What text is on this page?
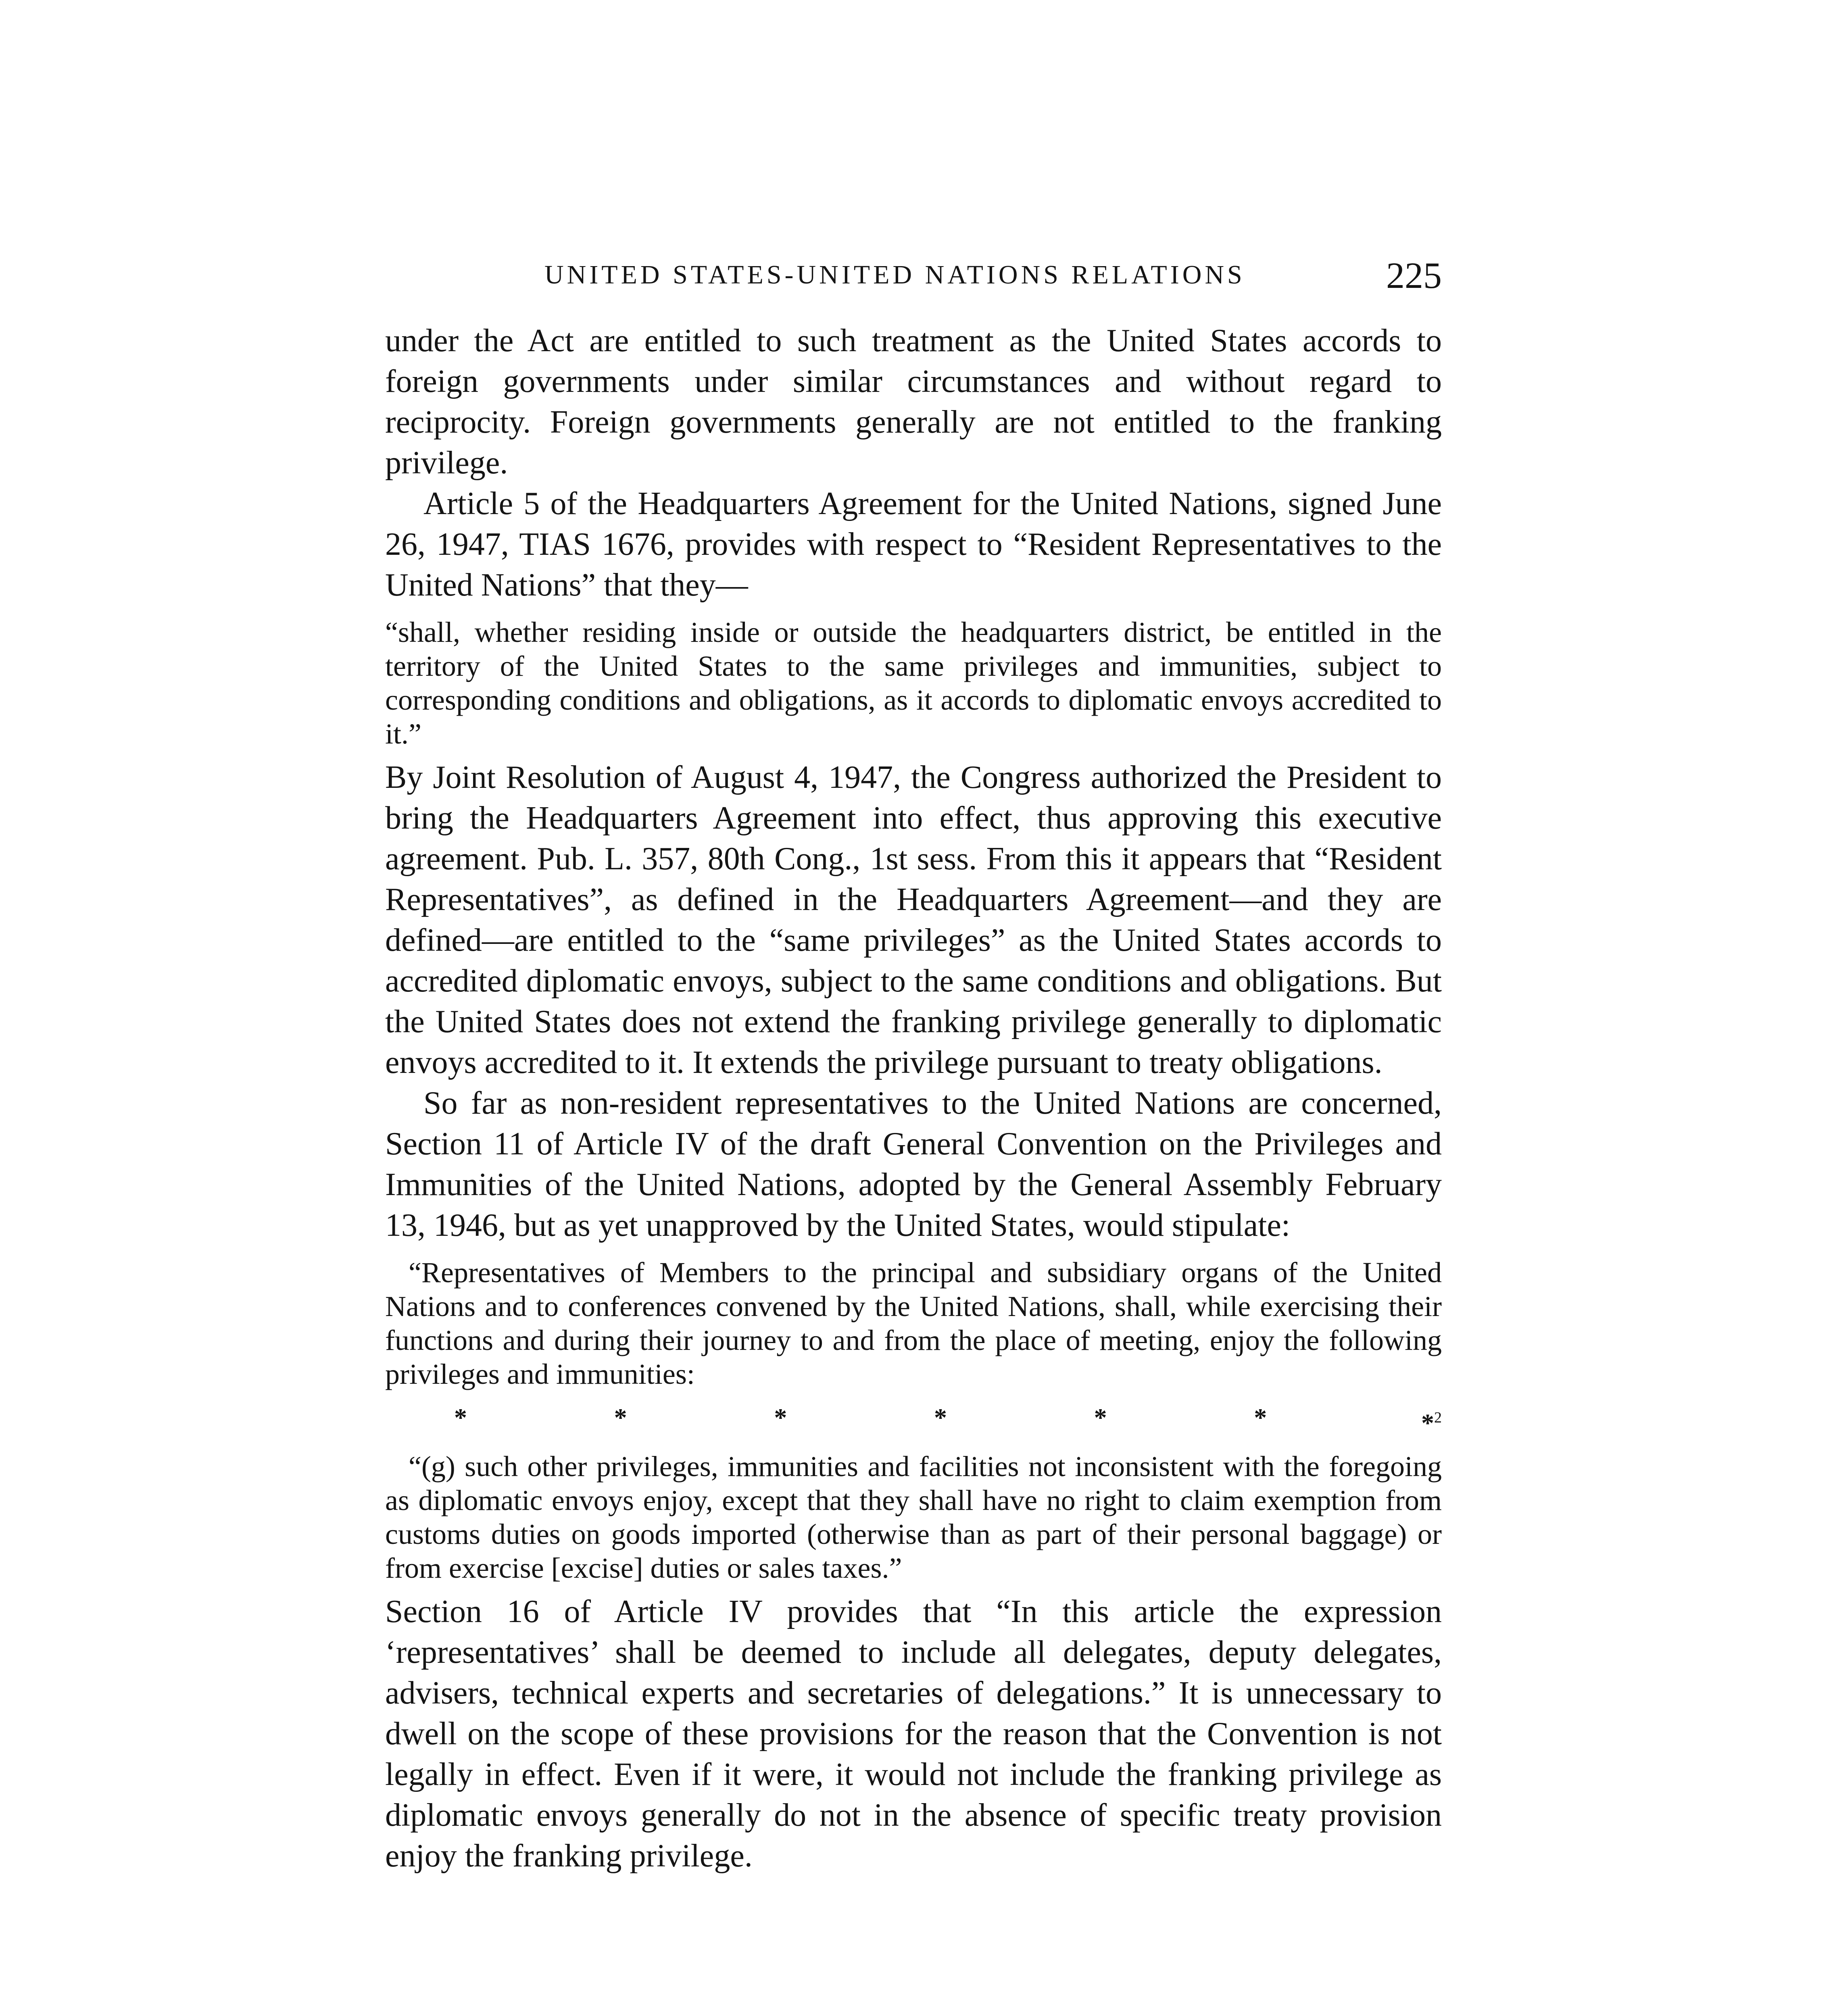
UNITED STATES-UNITED NATIONS RELATIONS	225

under the Act are entitled to such treatment as the United States accords to foreign governments under similar circumstances and without regard to reciprocity. Foreign governments generally are not entitled to the franking privilege.

Article 5 of the Headquarters Agreement for the United Nations, signed June 26, 1947, TIAS 1676, provides with respect to “Resident Representatives to the United Nations” that they—

“shall, whether residing inside or outside the headquarters district, be entitled in the territory of the United States to the same privileges and immunities, subject to corresponding conditions and obligations, as it accords to diplomatic envoys accredited to it.”

By Joint Resolution of August 4, 1947, the Congress authorized the President to bring the Headquarters Agreement into effect, thus approving this executive agreement. Pub. L. 357, 80th Cong., 1st sess. From this it appears that “Resident Representatives”, as defined in the Headquarters Agreement—and they are defined—are entitled to the “same privileges” as the United States accords to accredited diplomatic envoys, subject to the same conditions and obligations. But the United States does not extend the franking privilege generally to diplomatic envoys accredited to it. It extends the privilege pursuant to treaty obligations.

So far as non-resident representatives to the United Nations are concerned, Section 11 of Article IV of the draft General Convention on the Privileges and Immunities of the United Nations, adopted by the General Assembly February 13, 1946, but as yet unapproved by the United States, would stipulate:

“Representatives of Members to the principal and subsidiary organs of the United Nations and to conferences convened by the United Nations, shall, while exercising their functions and during their journey to and from the place of meeting, enjoy the following privileges and immunities:

*	*	*	*	*	*	*$^2$

“(g) such other privileges, immunities and facilities not inconsistent with the foregoing as diplomatic envoys enjoy, except that they shall have no right to claim exemption from customs duties on goods imported (otherwise than as part of their personal baggage) or from exercise [excise] duties or sales taxes.”

Section 16 of Article IV provides that “In this article the expression ‘representatives’ shall be deemed to include all delegates, deputy delegates, advisers, technical experts and secretaries of delegations.” It is unnecessary to dwell on the scope of these provisions for the reason that the Convention is not legally in effect. Even if it were, it would not include the franking privilege as diplomatic envoys generally do not in the absence of specific treaty provision enjoy the franking privilege.
